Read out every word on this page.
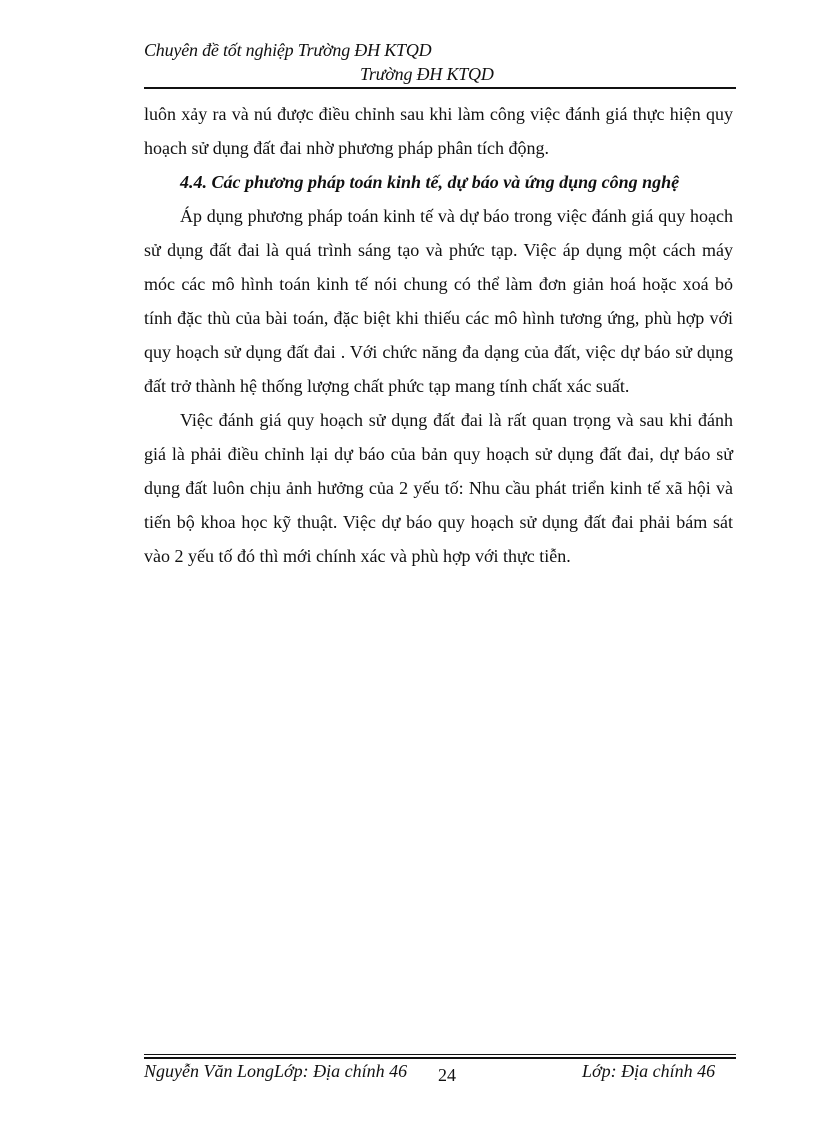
Chuyên đề tốt nghiệp Trường ĐH KTQD
Trường ĐH KTQD

luôn xảy ra và nú được điều chỉnh sau khi làm công việc đánh giá thực hiện quy hoạch sử dụng đất đai nhờ phương pháp phân tích động.

4.4. Các phương pháp toán kinh tế, dự báo và ứng dụng công nghệ

Áp dụng phương pháp toán kinh tế và dự báo trong việc đánh giá quy hoạch sử dụng đất đai là quá trình sáng tạo và phức tạp. Việc áp dụng một cách máy móc các mô hình toán kinh tế nói chung có thể làm đơn giản hoá hoặc xoá bỏ tính đặc thù của bài toán, đặc biệt khi thiếu các mô hình tương ứng, phù hợp với quy hoạch sử dụng đất đai . Với chức năng đa dạng của đất, việc dự báo sử dụng đất trở thành hệ thống lượng chất phức tạp mang tính chất xác suất.

Việc đánh giá quy hoạch sử dụng đất đai là rất quan trọng và sau khi đánh giá là phải điều chỉnh lại dự báo của bản quy hoạch sử dụng đất đai, dự báo sử dụng đất luôn chịu ảnh hưởng của 2 yếu tố: Nhu cầu phát triển kinh tế xã hội và tiến bộ khoa học kỹ thuật. Việc dự báo quy hoạch sử dụng đất đai phải bám sát vào 2 yếu tố đó thì mới chính xác và phù hợp với thực tiễn.

Nguyễn Văn LongLớp: Địa chính 46 24	Lớp: Địa chính 46
